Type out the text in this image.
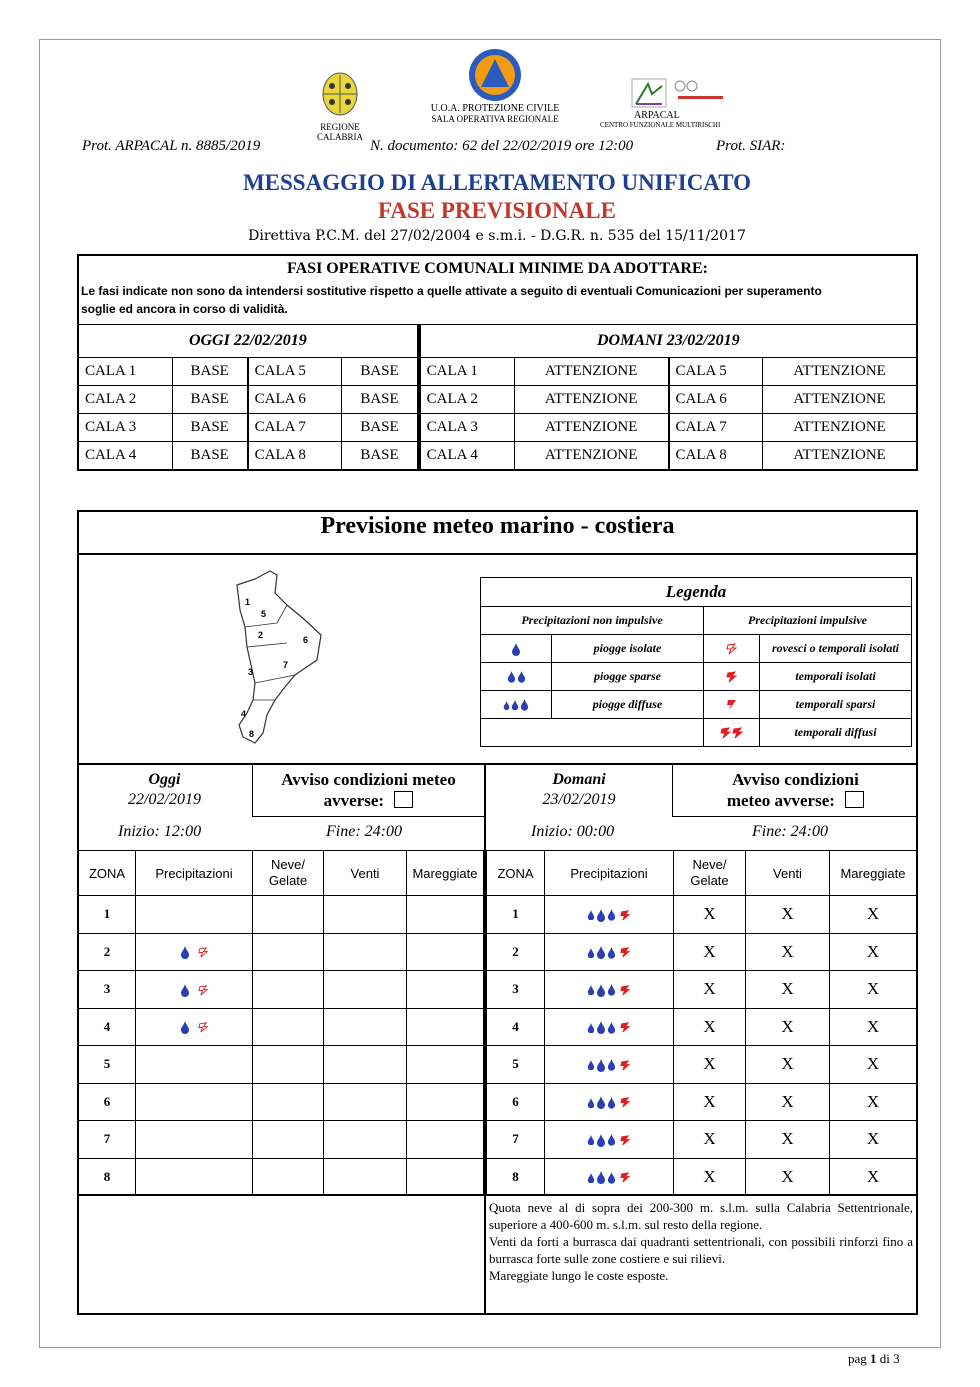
REGIONE CALABRIA
U.O.A. PROTEZIONE CIVILE
SALA OPERATIVA REGIONALE	ARPACAL
CENTRO FUNZIONALE MULTIRISCHI
Prot. ARPACAL n. 8885/2019	N. documento: 62 del 22/02/2019 ore 12:00	Prot. SIAR:
MESSAGGIO DI ALLERTAMENTO UNIFICATO
FASE PREVISIONALE
Direttiva P.C.M. del 27/02/2004 e s.m.i. - D.G.R. n. 535 del 15/11/2017
FASI OPERATIVE COMUNALI MINIME DA ADOTTARE:							
Le fasi indicate non sono da intendersi sostitutive rispetto a quelle attivate a seguito di eventuali Comunicazioni per superamento
soglie ed ancora in corso di validità.							
OGGI 22/02/2019				DOMANI 23/02/2019			
CALA 1	BASE	CALA 5	BASE	CALA 1	ATTENZIONE	CALA 5	ATTENZIONE
CALA 2	BASE	CALA 6	BASE	CALA 2	ATTENZIONE	CALA 6	ATTENZIONE
CALA 3	BASE	CALA 7	BASE	CALA 3	ATTENZIONE	CALA 7	ATTENZIONE
CALA 4	BASE	CALA 8	BASE	CALA 4	ATTENZIONE	CALA 8	ATTENZIONE
Previsione meteo marino - costiera
1
5
2	6
3
7
4
8
Legenda			
Precipitazioni non impulsive		Precipitazioni impulsive	
	piogge isolate		rovesci o temporali isolati
	piogge sparse		temporali isolati
	piogge diffuse		temporali sparsi
		temporali diffusi
Oggi
22/02/2019
Avviso condizioni meteo
avverse:
Inizio: 12:00	Fine: 24:00
Domani
23/02/2019
Avviso condizioni
meteo avverse:
Inizio: 00:00	Fine: 24:00
ZONA	Precipitazioni	Neve/
Gelate	Venti	Mareggiate
1				
2				
3				
4				
5				
6				
7				
8				
ZONA	Precipitazioni	Neve/
Gelate	Venti	Mareggiate
1		X	X	X
2		X	X	X
3		X	X	X
4		X	X	X
5		X	X	X
6		X	X	X
7		X	X	X
8		X	X	X
Quota neve al di sopra dei 200-300 m. s.l.m. sulla Calabria Settentrionale, superiore a 400-600 m. s.l.m. sul resto della regione.
Venti da forti a burrasca dai quadranti settentrionali, con possibili rinforzi fino a burrasca forte sulle zone costiere e sui rilievi.
Mareggiate lungo le coste esposte.
pag 1 di 3
